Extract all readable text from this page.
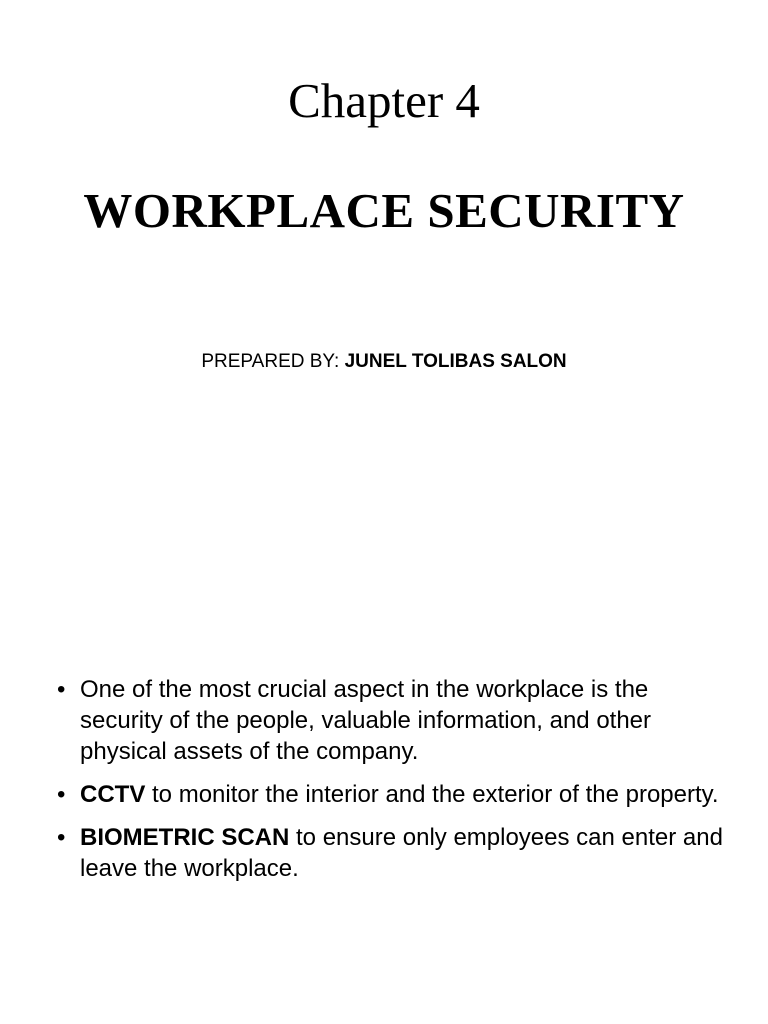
Chapter 4
WORKPLACE SECURITY
PREPARED BY: JUNEL TOLIBAS SALON
• One of the most crucial aspect in the workplace is the security of the people, valuable information, and other physical assets of the company.
• CCTV to monitor the interior and the exterior of the property.
• BIOMETRIC SCAN to ensure only employees can enter and leave the workplace.
